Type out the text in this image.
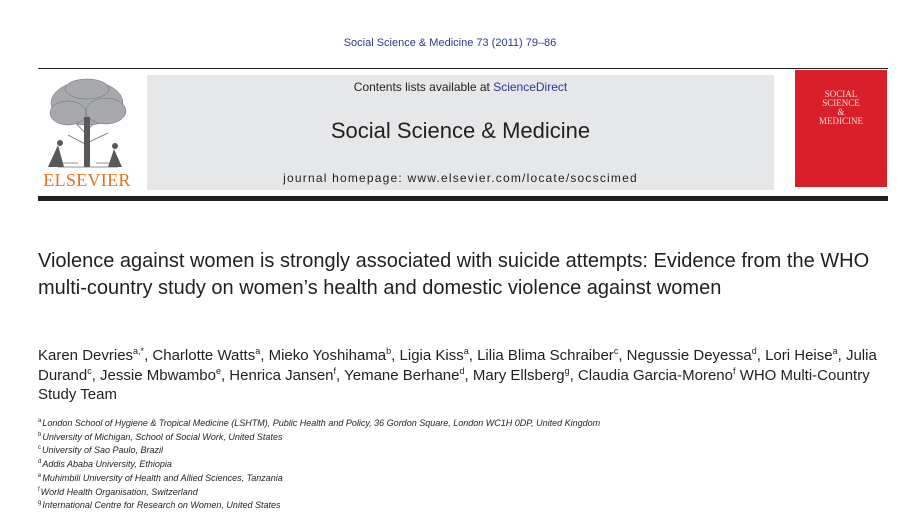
Social Science & Medicine 73 (2011) 79–86
ELSEVIER
Contents lists available at ScienceDirect
Social Science & Medicine
journal homepage: www.elsevier.com/locate/socscimed
SOCIAL
SCIENCE
&
MEDICINE
Violence against women is strongly associated with suicide attempts: Evidence from the WHO multi-country study on women’s health and domestic violence against women
Karen Devries$^{a,*}$, Charlotte Watts$^a$, Mieko Yoshihama$^b$, Ligia Kiss$^a$, Lilia Blima Schraiber$^c$, Negussie Deyessa$^d$, Lori Heise$^a$, Julia Durand$^c$, Jessie Mbwambo$^e$, Henrica Jansen$^f$, Yemane Berhane$^d$, Mary Ellsberg$^g$, Claudia Garcia-Moreno$^f$ WHO Multi-Country Study Team
$^a$London School of Hygiene & Tropical Medicine (LSHTM), Public Health and Policy, 36 Gordon Square, London WC1H 0DP, United Kingdom
$^b$University of Michigan, School of Social Work, United States
$^c$University of Sao Paulo, Brazil
$^d$Addis Ababa University, Ethiopia
$^e$Muhimbili University of Health and Allied Sciences, Tanzania
$^f$World Health Organisation, Switzerland
$^g$International Centre for Research on Women, United States
